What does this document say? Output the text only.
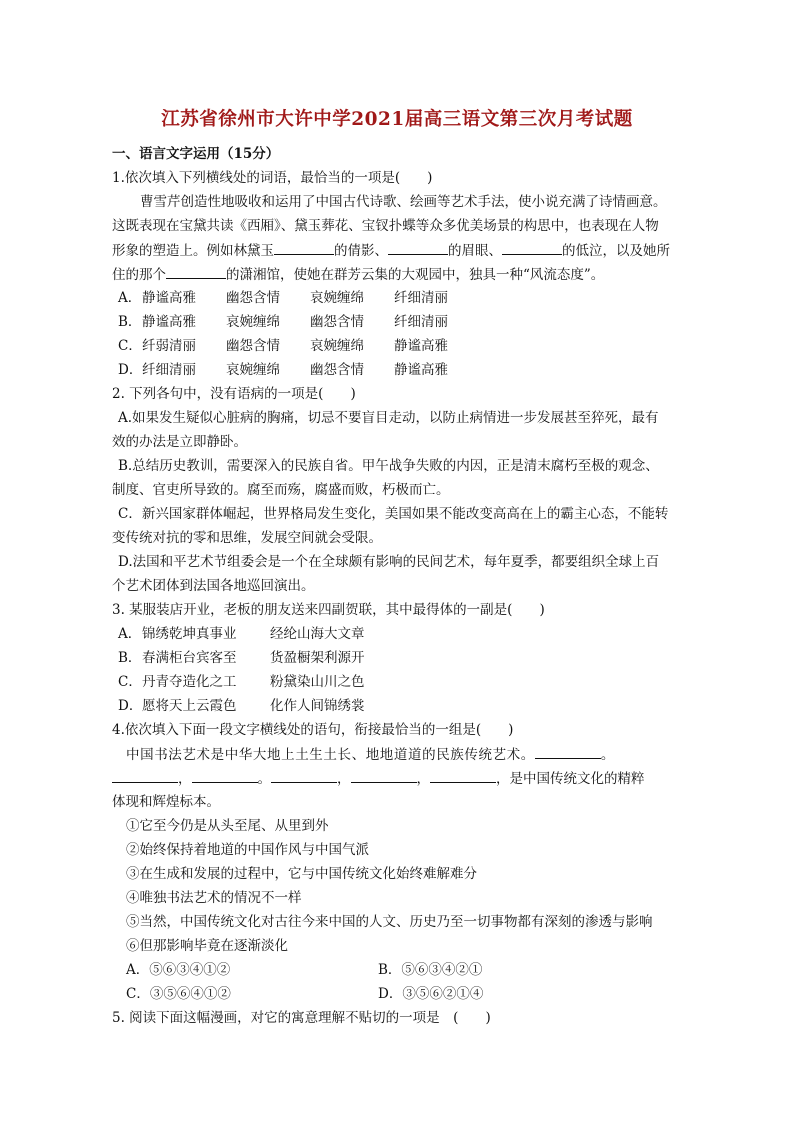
江苏省徐州市大许中学2021届高三语文第三次月考试题
一、语言文字运用（15分）
1.依次填入下列横线处的词语，最恰当的一项是(　　)
曹雪芹创造性地吸收和运用了中国古代诗歌、绘画等艺术手法，使小说充满了诗情画意。
这既表现在宝黛共读《西厢》、黛玉葬花、宝钗扑蝶等众多优美场景的构思中，也表现在人物
形象的塑造上。例如林黛玉	的倩影、	的眉眼、	的低泣，以及她所
住的那个	的潇湘馆，使她在群芳云集的大观园中，独具一种“风流态度”。
A．静谧高雅 幽怨含情 哀婉缠绵 纤细清丽
B．静谧高雅 哀婉缠绵 幽怨含情 纤细清丽
C．纤弱清丽 幽怨含情 哀婉缠绵 静谧高雅
D．纤细清丽 哀婉缠绵 幽怨含情 静谧高雅
2. 下列各句中，没有语病的一项是(　　)
A.如果发生疑似心脏病的胸痛，切忌不要盲目走动，以防止病情进一步发展甚至猝死，最有
效的办法是立即静卧。
B.总结历史教训，需要深入的民族自省。甲午战争失败的内因，正是清末腐朽至极的观念、
制度、官吏所导致的。腐至而殇，腐盛而败，朽极而亡。
C．新兴国家群体崛起，世界格局发生变化，美国如果不能改变高高在上的霸主心态，不能转
变传统对抗的零和思维，发展空间就会受限。
D.法国和平艺术节组委会是一个在全球颇有影响的民间艺术，每年夏季，都要组织全球上百
个艺术团体到法国各地巡回演出。
3. 某服装店开业，老板的朋友送来四副贺联，其中最得体的一副是(　　)
A．锦绣乾坤真事业 经纶山海大文章
B．春满柜台宾客至 货盈橱架利源开
C．丹青夺造化之工 粉黛染山川之色
D．愿将天上云霞色 化作人间锦绣裳
4.依次填入下面一段文字横线处的语句，衔接最恰当的一组是(　　)
中国书法艺术是中华大地上土生土长、地地道道的民族传统艺术。	。
，	。	，	，	，是中国传统文化的精粹
体现和辉煌标本。
①它至今仍是从头至尾、从里到外
②始终保持着地道的中国作风与中国气派
③在生成和发展的过程中，它与中国传统文化始终难解难分
④唯独书法艺术的情况不一样
⑤当然，中国传统文化对古往今来中国的人文、历史乃至一切事物都有深刻的渗透与影响
⑥但那影响毕竟在逐渐淡化
A．⑤⑥③④①②	B．⑤⑥③④②①
C．③⑤⑥④①②	D．③⑤⑥②①④
5. 阅读下面这幅漫画，对它的寓意理解不贴切的一项是　(　　)
